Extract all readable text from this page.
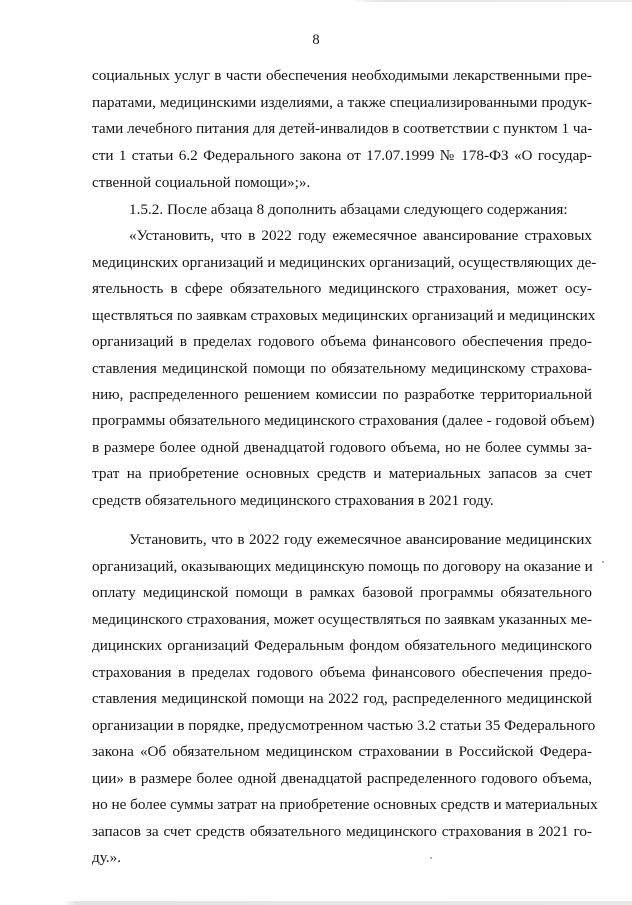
8
социальных услуг в части обеспечения необходимыми лекарственными пре-
паратами, медицинскими изделиями, а также специализированными продук-
тами лечебного питания для детей-инвалидов в соответствии с пунктом 1 ча-
сти 1 статьи 6.2 Федерального закона от 17.07.1999 № 178-ФЗ «О государ-
ственной социальной помощи»;».
1.5.2. После абзаца 8 дополнить абзацами следующего содержания:
«Установить, что в 2022 году ежемесячное авансирование страховых
медицинских организаций и медицинских организаций, осуществляющих де-
ятельность в сфере обязательного медицинского страхования, может осу-
ществляться по заявкам страховых медицинских организаций и медицинских
организаций в пределах годового объема финансового обеспечения предо-
ставления медицинской помощи по обязательному медицинскому страхова-
нию, распределенного решением комиссии по разработке территориальной
программы обязательного медицинского страхования (далее - годовой объем)
в размере более одной двенадцатой годового объема, но не более суммы за-
трат на приобретение основных средств и материальных запасов за счет
средств обязательного медицинского страхования в 2021 году.
Установить, что в 2022 году ежемесячное авансирование медицинских
организаций, оказывающих медицинскую помощь по договору на оказание и
оплату медицинской помощи в рамках базовой программы обязательного
медицинского страхования, может осуществляться по заявкам указанных ме-
дицинских организаций Федеральным фондом обязательного медицинского
страхования в пределах годового объема финансового обеспечения предо-
ставления медицинской помощи на 2022 год, распределенного медицинской
организации в порядке, предусмотренном частью 3.2 статьи 35 Федерального
закона «Об обязательном медицинском страховании в Российской Федера-
ции» в размере более одной двенадцатой распределенного годового объема,
но не более суммы затрат на приобретение основных средств и материальных
запасов за счет средств обязательного медицинского страхования в 2021 го-
ду.».
